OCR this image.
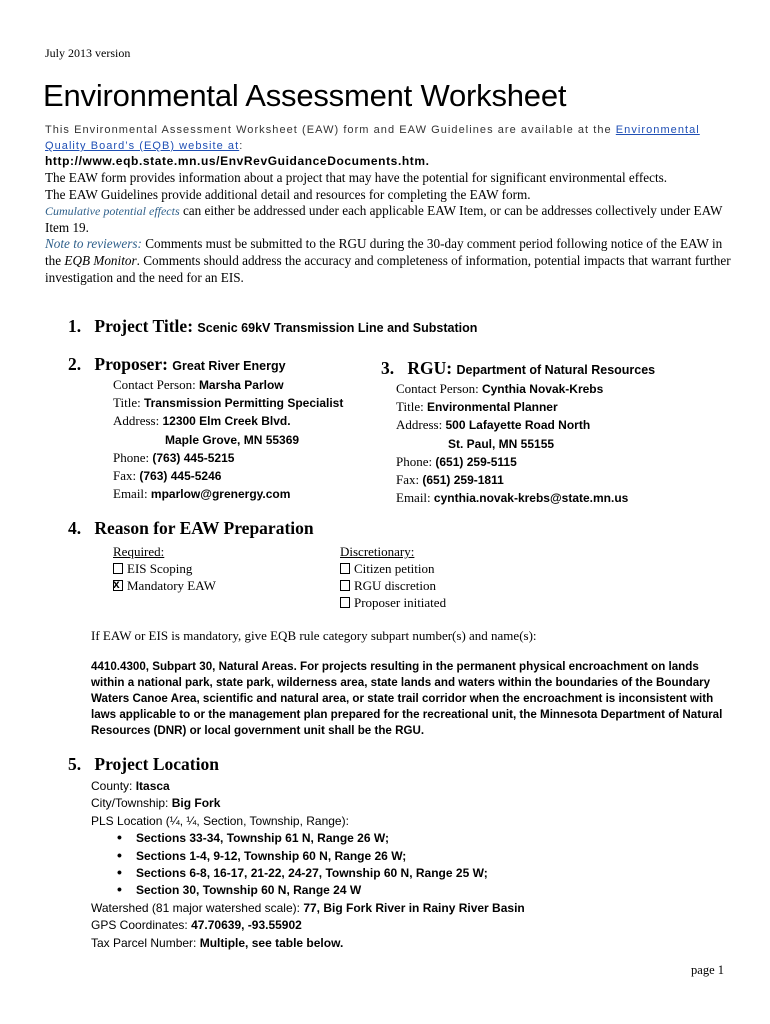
July 2013 version
Environmental Assessment Worksheet
This Environmental Assessment Worksheet (EAW) form and EAW Guidelines are available at the Environmental Quality Board’s (EQB) website at:
http://www.eqb.state.mn.us/EnvRevGuidanceDocuments.htm.

The EAW form provides information about a project that may have the potential for significant environmental effects.

The EAW Guidelines provide additional detail and resources for completing the EAW form.

Cumulative potential effects can either be addressed under each applicable EAW Item, or can be addresses collectively under EAW Item 19.

Note to reviewers: Comments must be submitted to the RGU during the 30-day comment period following notice of the EAW in the EQB Monitor. Comments should address the accuracy and completeness of information, potential impacts that warrant further investigation and the need for an EIS.

1. Project Title: Scenic 69kV Transmission Line and Substation
2. Proposer: Great River Energy
Contact Person: Marsha Parlow
Title: Transmission Permitting Specialist
Address: 12300 Elm Creek Blvd.
Maple Grove, MN 55369
Phone: (763) 445-5215
Fax: (763) 445-5246
Email: mparlow@grenergy.com
3. RGU: Department of Natural Resources
Contact Person: Cynthia Novak-Krebs
Title: Environmental Planner
Address: 500 Lafayette Road North
St. Paul, MN 55155
Phone: (651) 259-5115
Fax: (651) 259-1811
Email: cynthia.novak-krebs@state.mn.us
4. Reason for EAW Preparation
Required:
EIS Scoping
xMandatory EAW
Discretionary:
Citizen petition
RGU discretion
Proposer initiated
If EAW or EIS is mandatory, give EQB rule category subpart number(s) and name(s):
4410.4300, Subpart 30, Natural Areas. For projects resulting in the permanent physical encroachment on lands within a national park, state park, wilderness area, state lands and waters within the boundaries of the Boundary Waters Canoe Area, scientific and natural area, or state trail corridor when the encroachment is inconsistent with laws applicable to or the management plan prepared for the recreational unit, the Minnesota Department of Natural Resources (DNR) or local government unit shall be the RGU.
5. Project Location
County: Itasca
City/Township: Big Fork
PLS Location (¼, ¼, Section, Township, Range):
• Sections 33-34, Township 61 N, Range 26 W;
• Sections 1-4, 9-12, Township 60 N, Range 26 W;
• Sections 6-8, 16-17, 21-22, 24-27, Township 60 N, Range 25 W;
• Section 30, Township 60 N, Range 24 W
Watershed (81 major watershed scale): 77, Big Fork River in Rainy River Basin
GPS Coordinates: 47.70639, -93.55902
Tax Parcel Number: Multiple, see table below.
page 1
